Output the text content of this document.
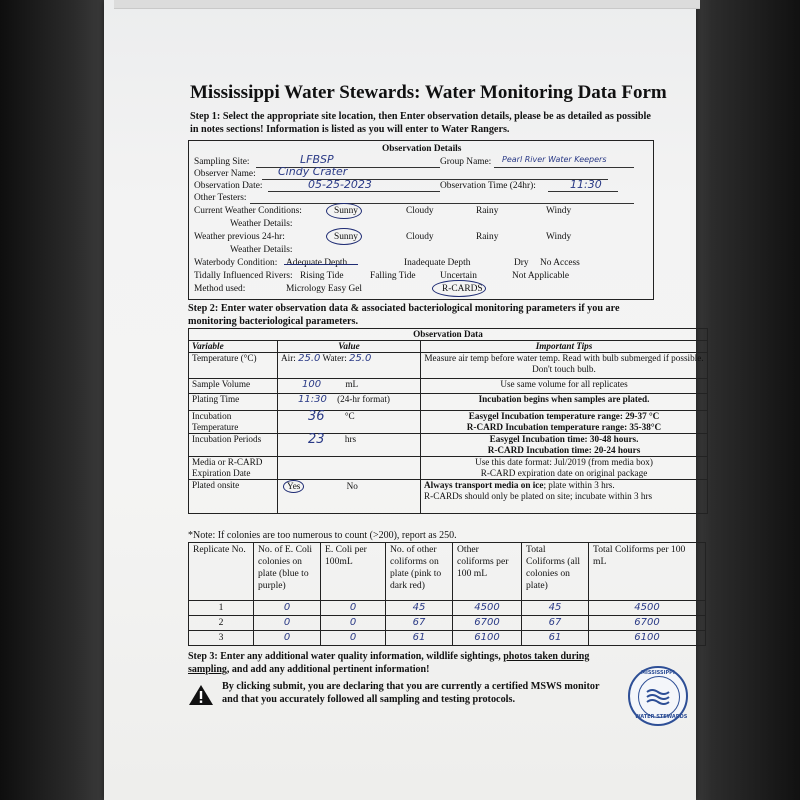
Mississippi Water Stewards: Water Monitoring Data Form
Step 1: Select the appropriate site location, then Enter observation details, please be as detailed as possible in notes sections! Information is listed as you will enter to Water Rangers.
Observation Details
Sampling Site:	LFBSP	Group Name: Pearl River Water Keepers
Observer Name: Cindy Crater
Observation Date:	05-25-2023	Observation Time (24hr):	11:30
Other Testers:
Current Weather Conditions:	Sunny	Cloudy	Rainy	Windy
Weather Details:
Weather previous 24-hr:	Sunny	Cloudy	Rainy	Windy
Weather Details:
Waterbody Condition: Adequate Depth	Inadequate Depth	Dry No Access
Tidally Influenced Rivers: Rising Tide	Falling Tide	Uncertain	Not Applicable
Method used:	Micrology Easy Gel	R-CARDS
Step 2: Enter water observation data & associated bacteriological monitoring parameters if you are monitoring bacteriological parameters.
Observation Data		
Variable	Value	Important Tips
Temperature (°C)	Air: 25.0 Water: 25.0	Measure air temp before water temp. Read with bulb submerged if possible. Don't touch bulb.
Sample Volume	100 mL	Use same volume for all replicates
Plating Time	11:30 (24-hr format)	Incubation begins when samples are plated.
Incubation Temperature	36 °C	Easygel Incubation temperature range: 29-37 °C
R-CARD Incubation temperature range: 35-38°C

Incubation Periods	23 hrs	Easygel Incubation time: 30-48 hours.
R-CARD Incubation time: 20-24 hours

Media or R-CARD Expiration Date		Use this date format: Jul/2019 (from media box)
R-CARD expiration date on original package

Plated onsite	Yes No	Always transport media on ice; plate within 3 hrs.
R-CARDs should only be plated on site; incubate within 3 hrs
*Note: If colonies are too numerous to count (>200), report as 250.
Replicate No.	No. of E. Coli colonies on plate (blue to purple)	E. Coli per 100mL	No. of other coliforms on plate (pink to dark red)	Other coliforms per 100 mL	Total Coliforms (all colonies on plate)	Total Coliforms per 100 mL
1	0	0	45	4500	45	4500
2	0	0	67	6700	67	6700
3	0	0	61	6100	61	6100
Step 3: Enter any additional water quality information, wildlife sightings, photos taken during sampling, and add any additional pertinent information!
By clicking submit, you are declaring that you are currently a certified MSWS monitor and that you accurately followed all sampling and testing protocols.
MISSISSIPPI
WATER STEWARDS
